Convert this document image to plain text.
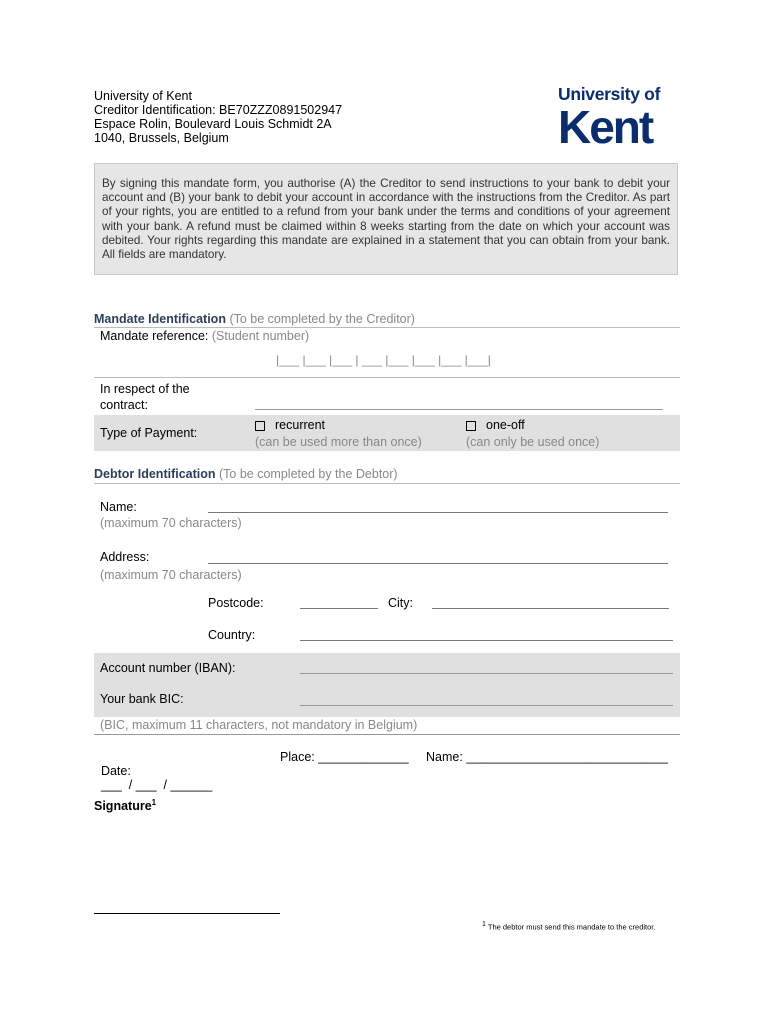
University of Kent
Creditor Identification: BE70ZZZ0891502947
Espace Rolin, Boulevard Louis Schmidt 2A
1040, Brussels, Belgium
University of
Kent
By signing this mandate form, you authorise (A) the Creditor to send instructions to your bank to debit your account and (B) your bank to debit your account in accordance with the instructions from the Creditor. As part of your rights, you are entitled to a refund from your bank under the terms and conditions of your agreement with your bank. A refund must be claimed within 8 weeks starting from the date on which your account was debited. Your rights regarding this mandate are explained in a statement that you can obtain from your bank. All fields are mandatory.
Mandate Identification (To be completed by the Creditor)
Mandate reference: (Student number)
|___ |___ |___ | ___ |___ |___ |___ |___|
In respect of the
contract:
Type of Payment:
recurrent
(can be used more than once)
one-off
(can only be used once)
Debtor Identification (To be completed by the Debtor)
Name:
(maximum 70 characters)
Address:
(maximum 70 characters)
Postcode:	City:
Country:
Account number (IBAN):
Your bank BIC:
(BIC, maximum 11 characters, not mandatory in Belgium)

Date:
___  / ___  / ______

Place: _____________ Name: _____________________________
Signature$^1$
$^1$ The debtor must send this mandate to the creditor.
